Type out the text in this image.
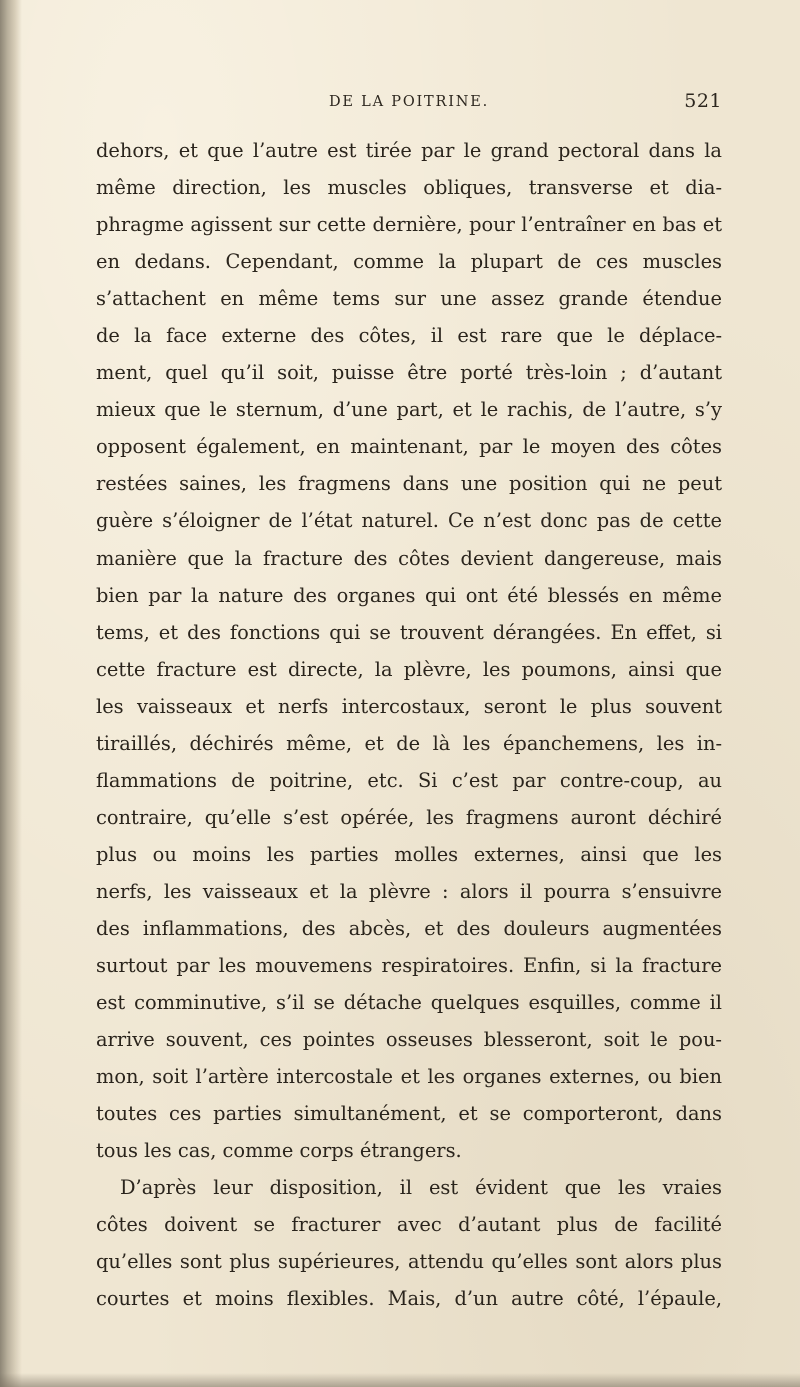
DE LA POITRINE.	521
dehors, et que l’autre est tirée par le grand pectoral dans la
même direction, les muscles obliques, transverse et dia-
phragme agissent sur cette dernière, pour l’entraîner en bas et
en dedans. Cependant, comme la plupart de ces muscles
s’attachent en même tems sur une assez grande étendue
de la face externe des côtes, il est rare que le déplace-
ment, quel qu’il soit, puisse être porté très-loin ; d’autant
mieux que le sternum, d’une part, et le rachis, de l’autre, s’y
opposent également, en maintenant, par le moyen des côtes
restées saines, les fragmens dans une position qui ne peut
guère s’éloigner de l’état naturel. Ce n’est donc pas de cette
manière que la fracture des côtes devient dangereuse, mais
bien par la nature des organes qui ont été blessés en même
tems, et des fonctions qui se trouvent dérangées. En effet, si
cette fracture est directe, la plèvre, les poumons, ainsi que
les vaisseaux et nerfs intercostaux, seront le plus souvent
tiraillés, déchirés même, et de là les épanchemens, les in-
flammations de poitrine, etc. Si c’est par contre-coup, au
contraire, qu’elle s’est opérée, les fragmens auront déchiré
plus ou moins les parties molles externes, ainsi que les
nerfs, les vaisseaux et la plèvre : alors il pourra s’ensuivre
des inflammations, des abcès, et des douleurs augmentées
surtout par les mouvemens respiratoires. Enfin, si la fracture
est comminutive, s’il se détache quelques esquilles, comme il
arrive souvent, ces pointes osseuses blesseront, soit le pou-
mon, soit l’artère intercostale et les organes externes, ou bien
toutes ces parties simultanément, et se comporteront, dans
tous les cas, comme corps étrangers.
D’après leur disposition, il est évident que les vraies
côtes doivent se fracturer avec d’autant plus de facilité
qu’elles sont plus supérieures, attendu qu’elles sont alors plus
courtes et moins flexibles. Mais, d’un autre côté, l’épaule,
